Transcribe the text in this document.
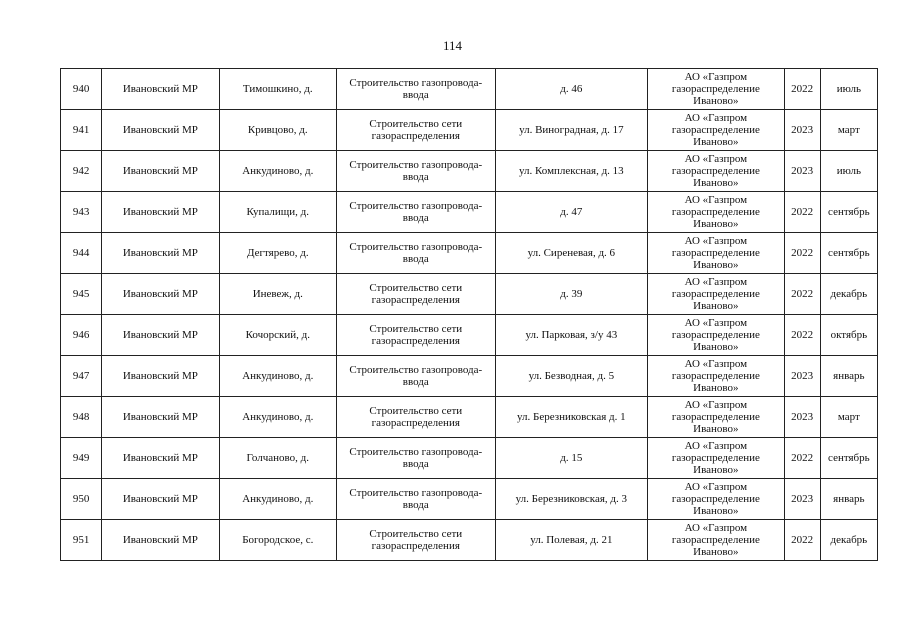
114
940	Ивановский МР	Тимошкино, д.	Строительство газопровода-ввода	д. 46	АО «Газпром газораспределение Иваново»	2022	июль
941	Ивановский МР	Кривцово, д.	Строительство сети газораспределения	ул. Виноградная, д. 17	АО «Газпром газораспределение Иваново»	2023	март
942	Ивановский МР	Анкудиново, д.	Строительство газопровода-ввода	ул. Комплексная, д. 13	АО «Газпром газораспределение Иваново»	2023	июль
943	Ивановский МР	Купалищи, д.	Строительство газопровода-ввода	д. 47	АО «Газпром газораспределение Иваново»	2022	сентябрь
944	Ивановский МР	Дегтярево, д.	Строительство газопровода-ввода	ул. Сиреневая, д. 6	АО «Газпром газораспределение Иваново»	2022	сентябрь
945	Ивановский МР	Иневеж, д.	Строительство сети газораспределения	д. 39	АО «Газпром газораспределение Иваново»	2022	декабрь
946	Ивановский МР	Кочорский, д.	Строительство сети газораспределения	ул. Парковая, з/у 43	АО «Газпром газораспределение Иваново»	2022	октябрь
947	Ивановский МР	Анкудиново, д.	Строительство газопровода-ввода	ул. Безводная, д. 5	АО «Газпром газораспределение Иваново»	2023	январь
948	Ивановский МР	Анкудиново, д.	Строительство сети газораспределения	ул. Березниковская д. 1	АО «Газпром газораспределение Иваново»	2023	март
949	Ивановский МР	Голчаново, д.	Строительство газопровода-ввода	д. 15	АО «Газпром газораспределение Иваново»	2022	сентябрь
950	Ивановский МР	Анкудиново, д.	Строительство газопровода-ввода	ул. Березниковская, д. 3	АО «Газпром газораспределение Иваново»	2023	январь
951	Ивановский МР	Богородское, с.	Строительство сети газораспределения	ул. Полевая, д. 21	АО «Газпром газораспределение Иваново»	2022	декабрь
